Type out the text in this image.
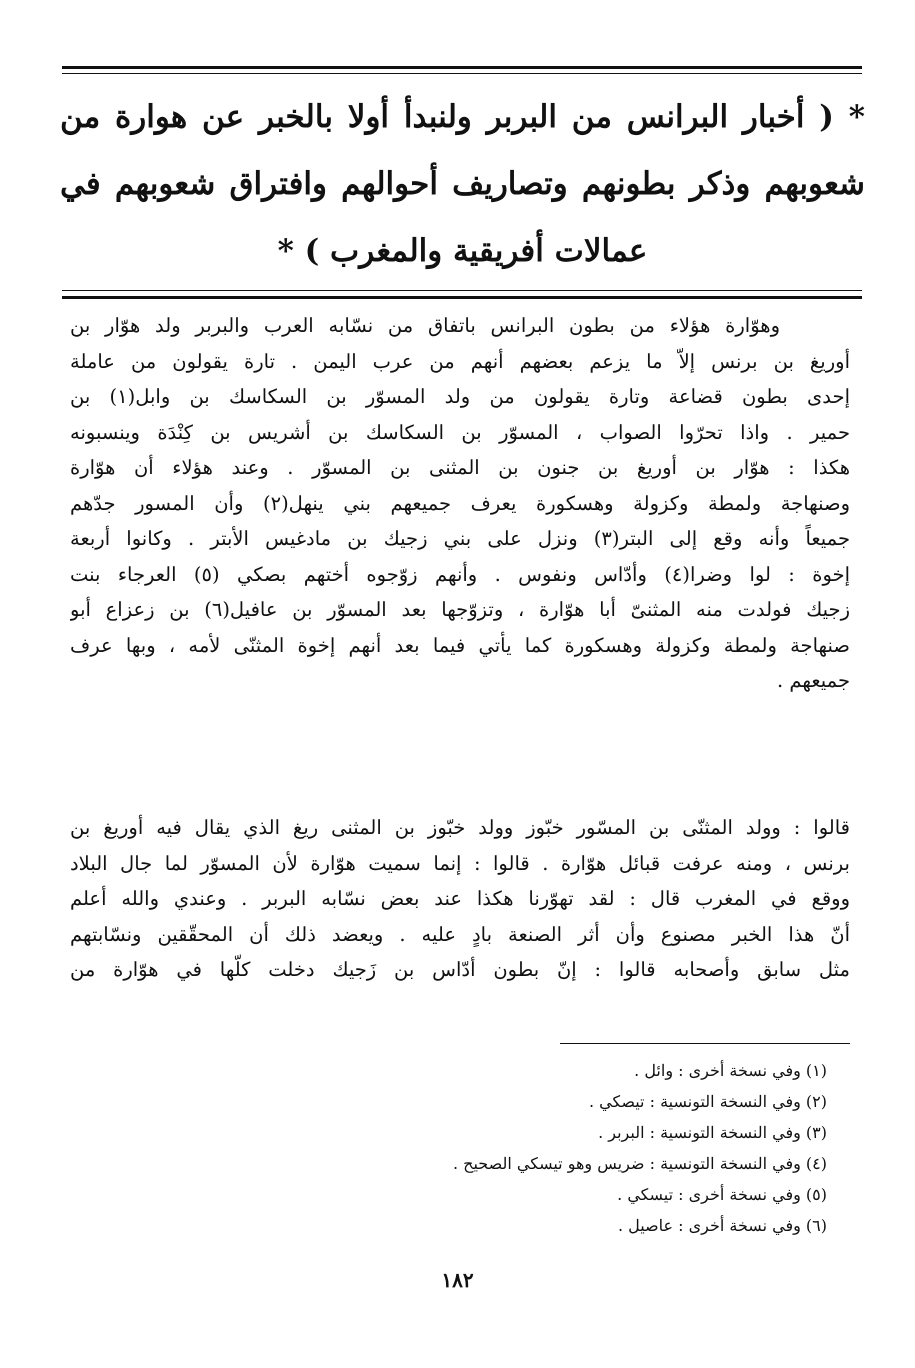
* ( أخبار البرانس من البربر ولنبدأ أولا بالخبر عن هوارة من
شعوبهم وذكر بطونهم وتصاريف أحوالهم وافتراق شعوبهم في
عمالات أفريقية والمغرب ) *
وهوّارة هؤلاء من بطون البرانس باتفاق من نسّابه العرب والبربر ولد هوّار بن
أوريغ بن برنس إلاّ ما يزعم بعضهم أنهم من عرب اليمن . تارة يقولون من عاملة
إحدى بطون قضاعة وتارة يقولون من ولد المسوّر بن السكاسك بن وابل(١) بن
حمير . واذا تحرّوا الصواب ، المسوّر بن السكاسك بن أشريس بن كِنْدَة وينسبونه
هكذا : هوّار بن أوريغ بن جنون بن المثنى بن المسوّر . وعند هؤلاء أن هوّارة
وصنهاجة ولمطة وكزولة وهسكورة يعرف جميعهم بني ينهل(٢) وأن المسور جدّهم
جميعاً وأنه وقع إلى البتر(٣) ونزل على بني زجيك بن مادغيس الأبتر . وكانوا أربعة
إخوة : لوا وضرا(٤) وأدّاس ونفوس . وأنهم زوّجوه أختهم بصكي (٥) العرجاء بنت
زجيك فولدت منه المثنىّ أبا هوّارة ، وتزوّجها بعد المسوّر بن عافيل(٦) بن زعزاع أبو
صنهاجة ولمطة وكزولة وهسكورة كما يأتي فيما بعد أنهم إخوة المثنّى لأمه ، وبها عرف
جميعهم .
قالوا : وولد المثنّى بن المسّور خبّوز وولد خبّوز بن المثنى ريغ الذي يقال فيه أوريغ بن
برنس ، ومنه عرفت قبائل هوّارة . قالوا : إنما سميت هوّارة لأن المسوّر لما جال البلاد
ووقع في المغرب قال : لقد تهوّرنا هكذا عند بعض نسّابه البربر . وعندي والله أعلم
أنّ هذا الخبر مصنوع وأن أثر الصنعة بادٍ عليه . ويعضد ذلك أن المحقّقين ونسّابتهم
مثل سابق وأصحابه قالوا : إنّ بطون أدّاس بن زَجيك دخلت كلّها في هوّارة من
(١) وفي نسخة أخرى : وائل .
(٢) وفي النسخة التونسية : تيصكي .
(٣) وفي النسخة التونسية : البربر .
(٤) وفي النسخة التونسية : ضريس وهو تيسكي الصحيح .
(٥) وفي نسخة أخرى : تيسكي .
(٦) وفي نسخة أخرى : عاصيل .
١٨٢
